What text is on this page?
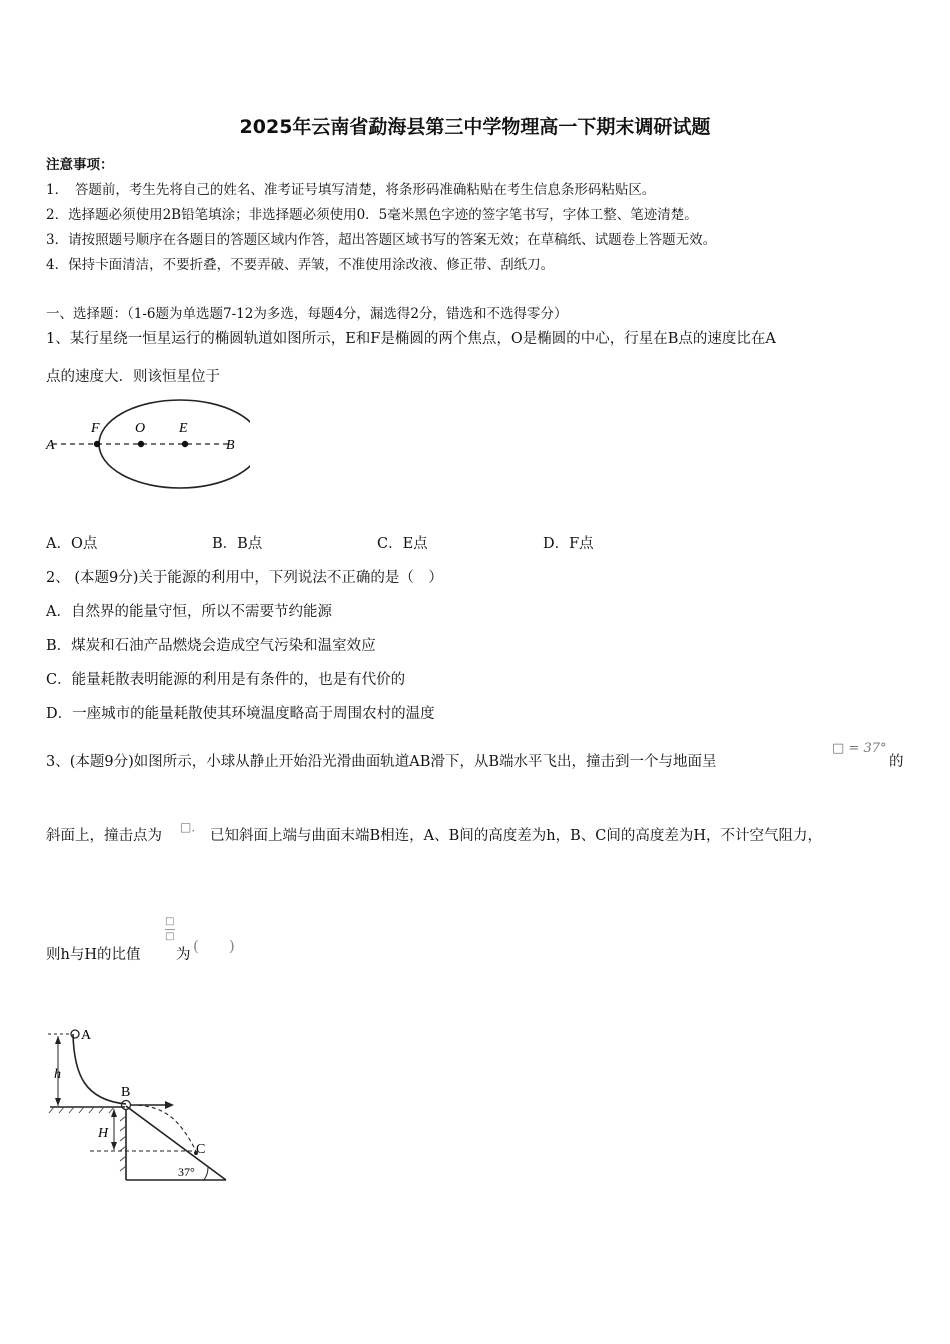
2025年云南省勐海县第三中学物理高一下期末调研试题
注意事项：
1．　答题前，考生先将自己的姓名、准考证号填写清楚，将条形码准确粘贴在考生信息条形码粘贴区。
2．选择题必须使用2B铅笔填涂；非选择题必须使用0．5毫米黑色字迹的签字笔书写，字体工整、笔迹清楚。
3．请按照题号顺序在各题目的答题区域内作答，超出答题区域书写的答案无效；在草稿纸、试题卷上答题无效。
4．保持卡面清洁，不要折叠，不要弄破、弄皱，不准使用涂改液、修正带、刮纸刀。
一、选择题：（1-6题为单选题7-12为多选，每题4分，漏选得2分，错选和不选得零分）
1、某行星绕一恒星运行的椭圆轨道如图所示，E和F是椭圆的两个焦点，O是椭圆的中心，行星在B点的速度比在A
点的速度大．则该恒星位于
A	B
F	O E
A．O点	B．B点	C．E点	D．F点
2、 (本题9分)关于能源的利用中，下列说法不正确的是（　）
A．自然界的能量守恒，所以不需要节约能源
B．煤炭和石油产品燃烧会造成空气污染和温室效应
C．能量耗散表明能源的利用是有条件的，也是有代价的
D．一座城市的能量耗散使其环境温度略高于周围农村的温度
3、(本题9分)如图所示，小球从静止开始沿光滑曲面轨道AB滑下，从B端水平飞出，撞击到一个与地面呈
□ = 37°
的
斜面上，撞击点为
□．
已知斜面上端与曲面末端B相连，A、B间的高度差为h，B、C间的高度差为H，不计空气阻力，
则h与H的比值
□
□
为 (　　)
A
h
B
C
H
37°
